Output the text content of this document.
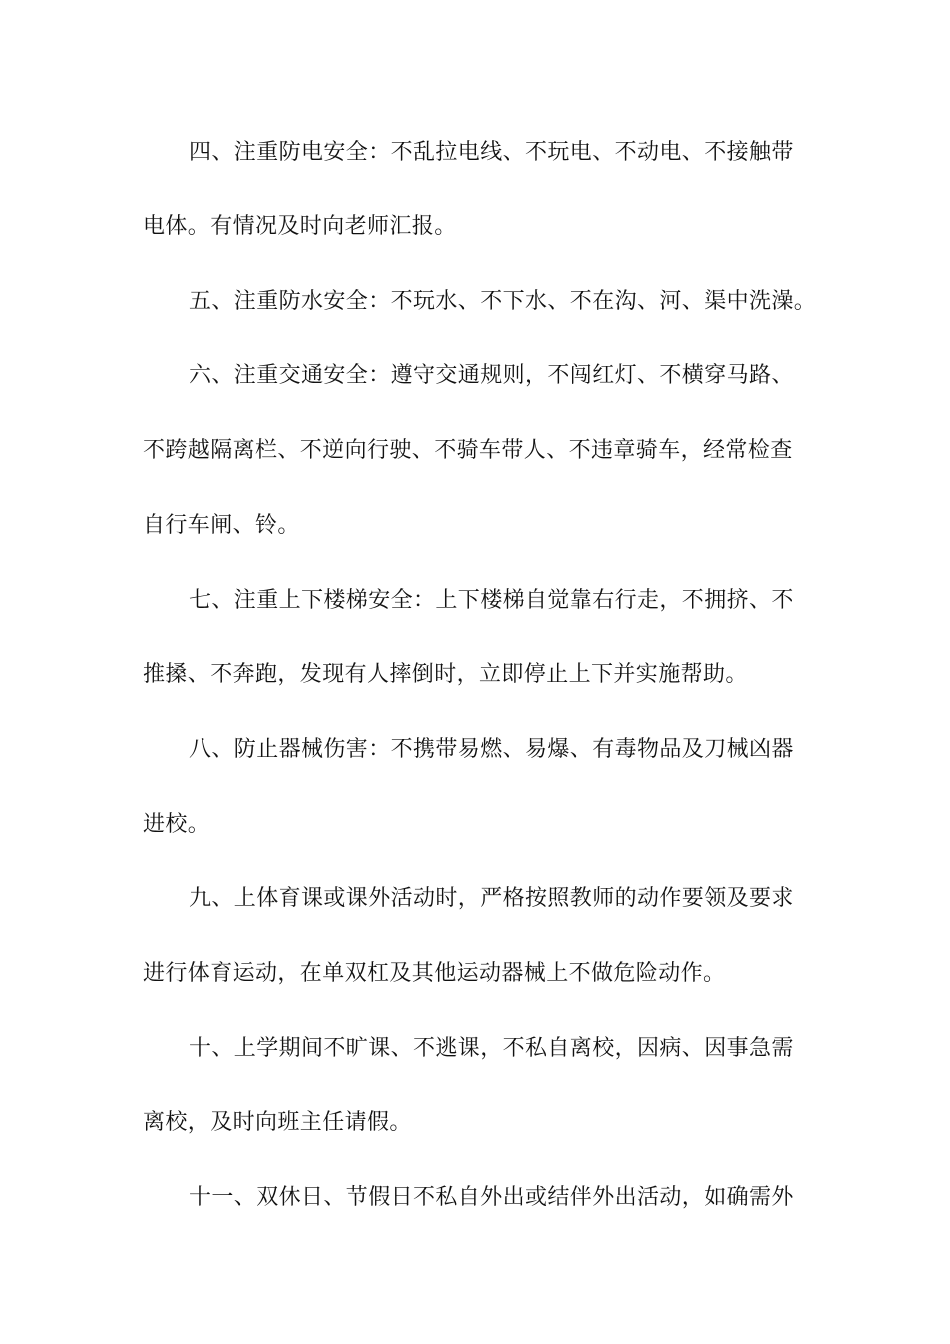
四、注重防电安全：不乱拉电线、不玩电、不动电、不接触带
电体。有情况及时向老师汇报。
五、注重防水安全：不玩水、不下水、不在沟、河、渠中洗澡。
六、注重交通安全：遵守交通规则，不闯红灯、不横穿马路、
不跨越隔离栏、不逆向行驶、不骑车带人、不违章骑车，经常检查
自行车闸、铃。
七、注重上下楼梯安全：上下楼梯自觉靠右行走，不拥挤、不
推搡、不奔跑，发现有人摔倒时，立即停止上下并实施帮助。
八、防止器械伤害：不携带易燃、易爆、有毒物品及刀械凶器
进校。
九、上体育课或课外活动时，严格按照教师的动作要领及要求
进行体育运动，在单双杠及其他运动器械上不做危险动作。
十、上学期间不旷课、不逃课，不私自离校，因病、因事急需
离校，及时向班主任请假。
十一、双休日、节假日不私自外出或结伴外出活动，如确需外
